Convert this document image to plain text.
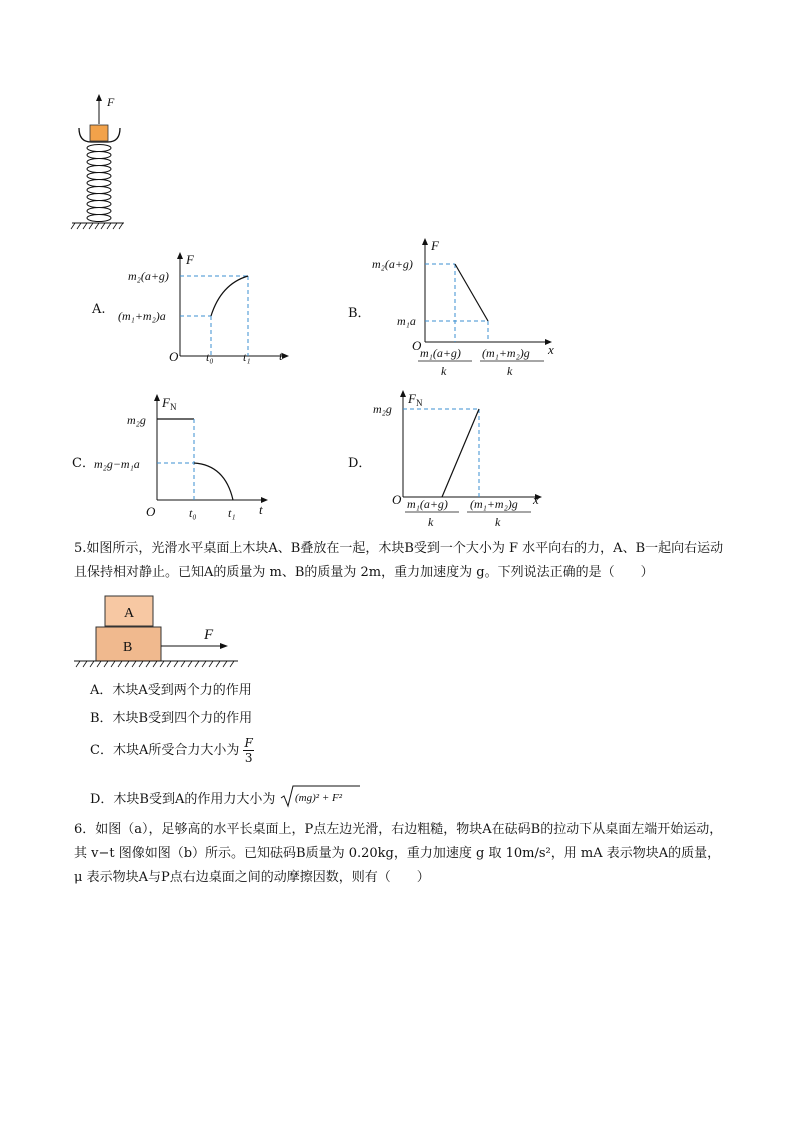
F
A.
F
t
O
m₂(a+g)
(m₁+m₂)a
t₀ t₁
B．
F
x
O
m₂(a+g)
m₁a
m₁(a+g)
k
(m₁+m₂)g
k
C．
$F_N$
t
O
m₂g
m₂g−m₁a
t₀	t₁
D．
$F_N$
x
O
m₂g
m₁(a+g)
k
(m₁+m₂)g
k
5.如图所示，光滑水平桌面上木块A、B叠放在一起，木块B受到一个大小为 F 水平向右的力，A、B一起向右运动且保持相对静止。已知A的质量为 m、B的质量为 2m，重力加速度为 g。下列说法正确的是（　　）
A
B
F
A．木块A受到两个力的作用
B．木块B受到四个力的作用
C．木块A所受合力大小为 $\frac{F}{3}$
D．木块B受到A的作用力大小为 (mg)² + F²
6．如图（a），足够高的水平长桌面上，P点左边光滑，右边粗糙，物块A在砝码B的拉动下从桌面左端开始运动，其 v−t 图像如图（b）所示。已知砝码B质量为 0.20kg，重力加速度 g 取 10m/s²，用 mA 表示物块A的质量，μ 表示物块A与P点右边桌面之间的动摩擦因数，则有（　　）
